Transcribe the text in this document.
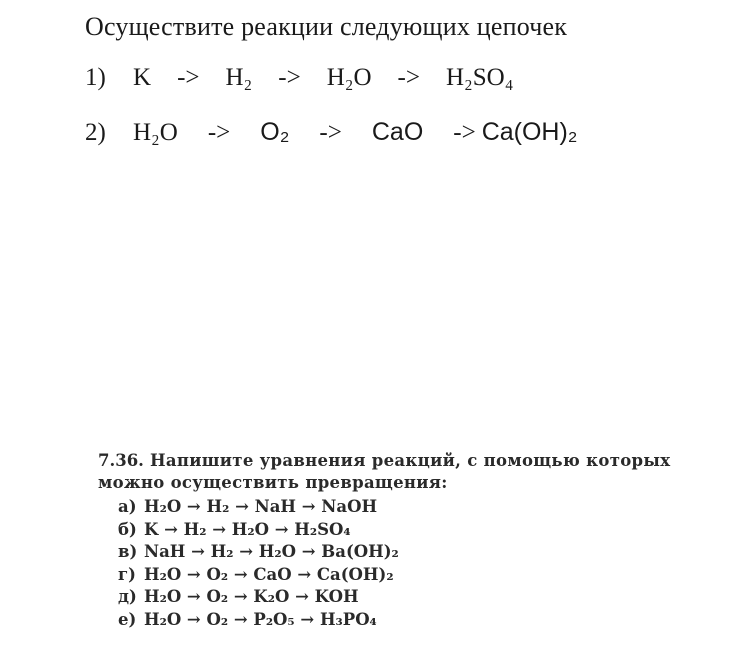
Осуществите реакции следующих цепочек
1)	K -> H₂ -> H₂O -> H₂SO₄
2)	H₂O -> O₂ -> CaO -> Ca(OH)₂

7.36. Напишите уравнения реакций, с помощью которых можно осуществить превращения:

а) H₂O → H₂ → NaH → NaOH
б) K → H₂ → H₂O → H₂SO₄
в) NaH → H₂ → H₂O → Ba(OH)₂
г) H₂O → O₂ → CaO → Ca(OH)₂
д) H₂O → O₂ → K₂O → KOH
е) H₂O → O₂ → P₂O₅ → H₃PO₄
